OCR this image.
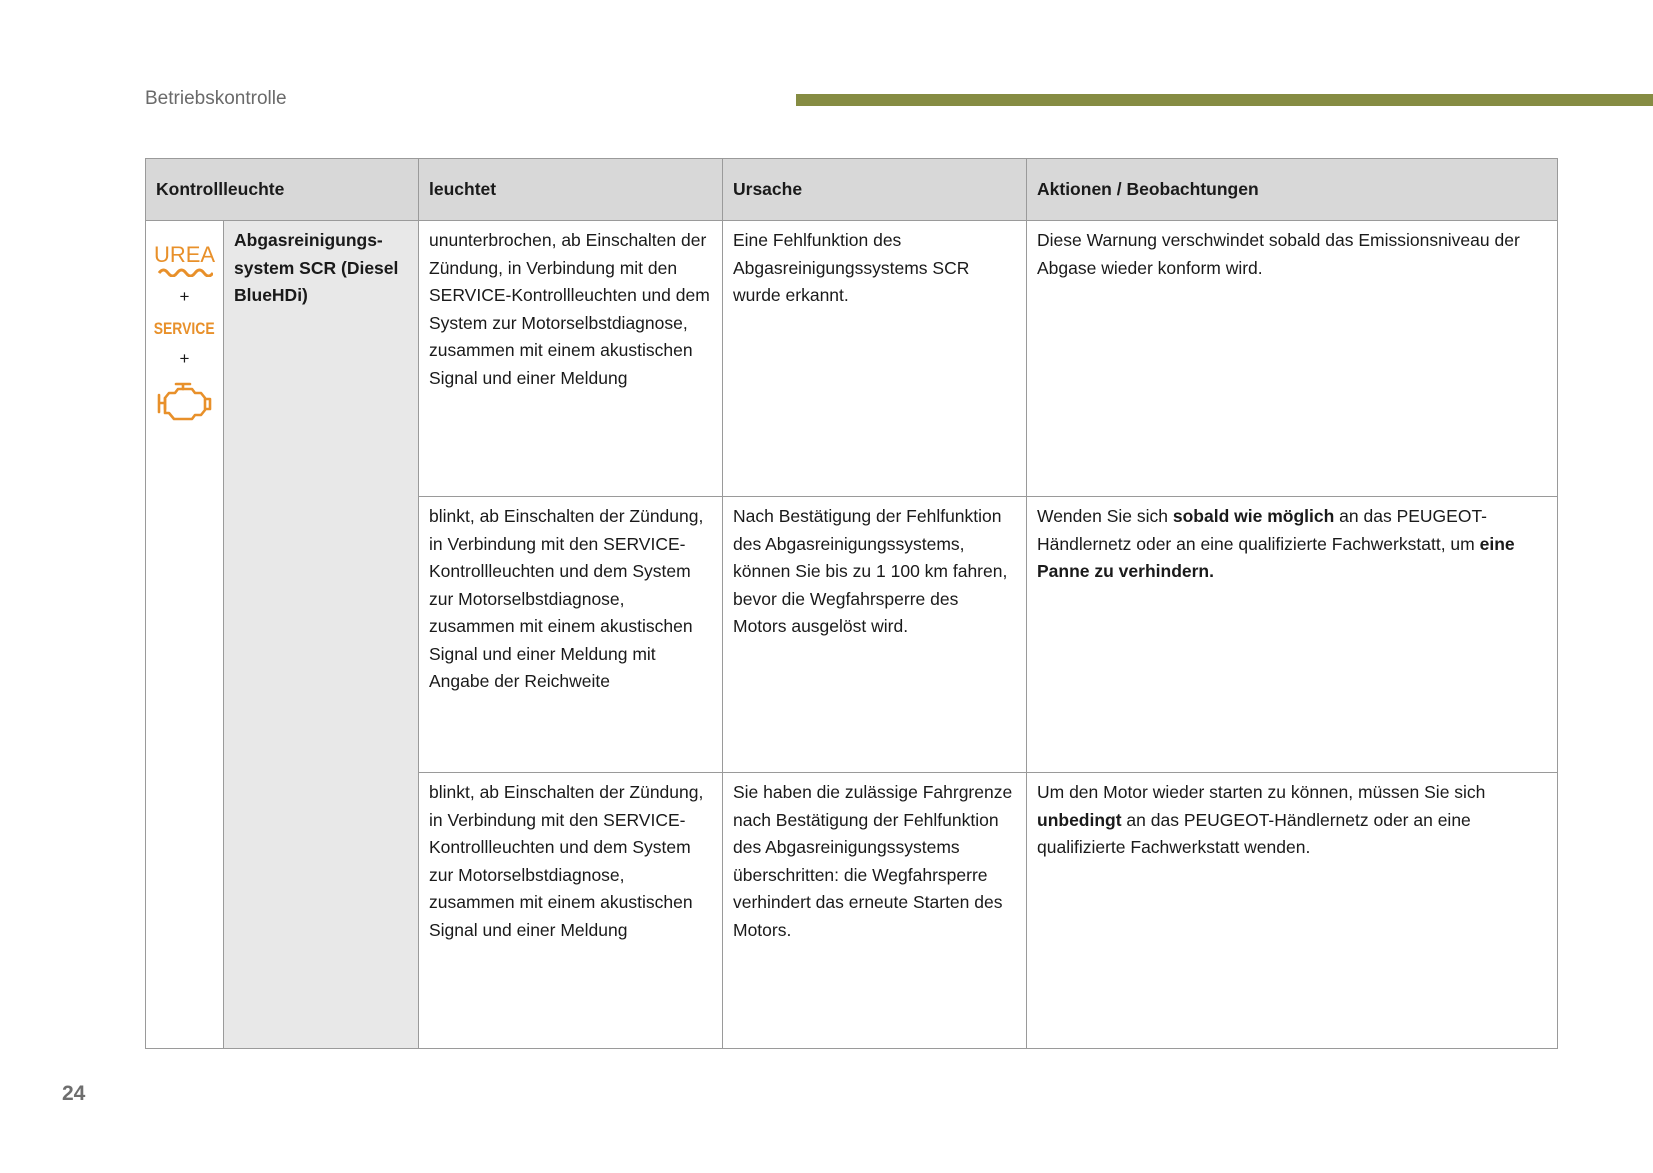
Betriebskontrolle
Kontrollleuchte		leuchtet	Ursache	Aktionen / Beobachtungen

UREA
+
SERVICE
+	Abgasreinigungs-system SCR (Diesel BlueHDi)	ununterbrochen, ab Einschalten der Zündung, in Verbindung mit den SERVICE-Kontrollleuchten und dem System zur Motorselbstdiagnose, zusammen mit einem akustischen Signal und einer Meldung	Eine Fehlfunktion des Abgasreinigungssystems SCR wurde erkannt.	Diese Warnung verschwindet sobald das Emissionsniveau der Abgase wieder konform wird.

		blinkt, ab Einschalten der Zündung, in Verbindung mit den SERVICE-Kontrollleuchten und dem System zur Motorselbstdiagnose, zusammen mit einem akustischen Signal und einer Meldung mit Angabe der Reichweite	Nach Bestätigung der Fehlfunktion des Abgasreinigungssystems, können Sie bis zu 1 100 km fahren, bevor die Wegfahrsperre des Motors ausgelöst wird.	Wenden Sie sich sobald wie möglich an das PEUGEOT-Händlernetz oder an eine qualifizierte Fachwerkstatt, um eine Panne zu verhindern.

		blinkt, ab Einschalten der Zündung, in Verbindung mit den SERVICE-Kontrollleuchten und dem System zur Motorselbstdiagnose, zusammen mit einem akustischen Signal und einer Meldung	Sie haben die zulässige Fahrgrenze nach Bestätigung der Fehlfunktion des Abgasreinigungssystems überschritten: die Wegfahrsperre verhindert das erneute Starten des Motors.	Um den Motor wieder starten zu können, müssen Sie sich unbedingt an das PEUGEOT-Händlernetz oder an eine qualifizierte Fachwerkstatt wenden.
24
